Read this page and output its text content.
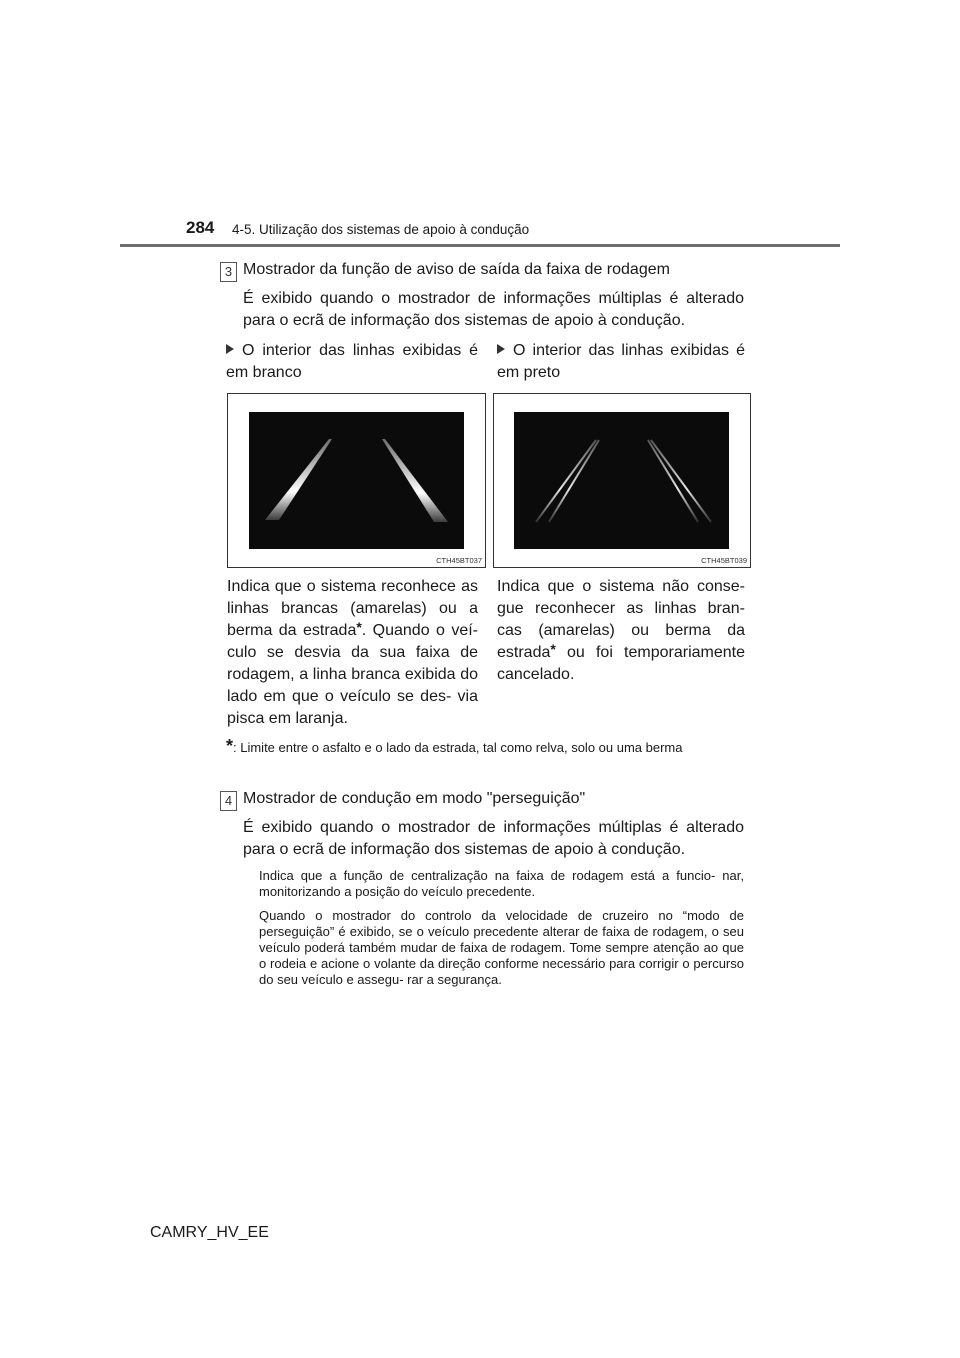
284 4-5. Utilização dos sistemas de apoio à condução
3 Mostrador da função de aviso de saída da faixa de rodagem
É exibido quando o mostrador de informações múltiplas é alterado para o ecrã de informação dos sistemas de apoio à condução.
O interior das linhas exibidas é em branco
O interior das linhas exibidas é em preto
CTH45BT037	CTH45BT039
Indica que o sistema reconhece as linhas brancas (amarelas) ou a berma da estrada*. Quando o veí- culo se desvia da sua faixa de rodagem, a linha branca exibida do lado em que o veículo se des- via pisca em laranja.
Indica que o sistema não conse- gue reconhecer as linhas bran- cas (amarelas) ou berma da estrada* ou foi temporariamente cancelado.
*: Limite entre o asfalto e o lado da estrada, tal como relva, solo ou uma berma
4 Mostrador de condução em modo "perseguição"
É exibido quando o mostrador de informações múltiplas é alterado para o ecrã de informação dos sistemas de apoio à condução.
Indica que a função de centralização na faixa de rodagem está a funcio- nar, monitorizando a posição do veículo precedente.
Quando o mostrador do controlo da velocidade de cruzeiro no “modo de perseguição” é exibido, se o veículo precedente alterar de faixa de rodagem, o seu veículo poderá também mudar de faixa de rodagem. Tome sempre atenção ao que o rodeia e acione o volante da direção conforme necessário para corrigir o percurso do seu veículo e assegu- rar a segurança.
CAMRY_HV_EE
